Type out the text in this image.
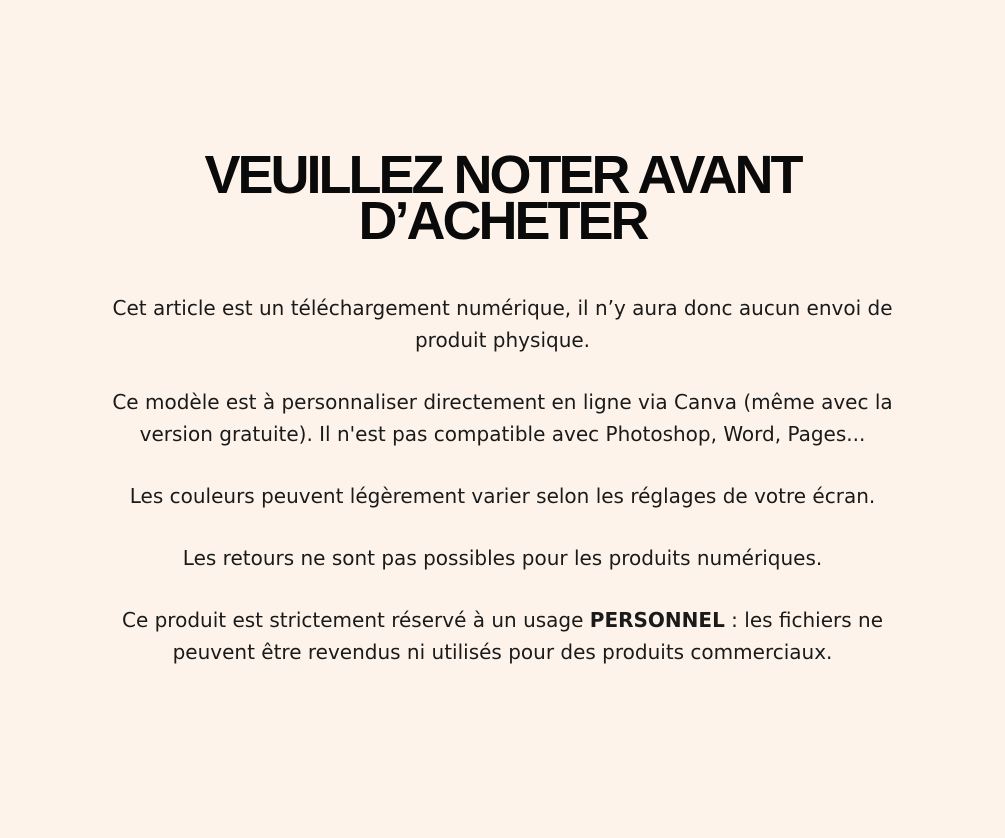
VEUILLEZ NOTER AVANT
D’ACHETER

Cet article est un téléchargement numérique, il n’y aura donc aucun envoi de
produit physique.

Ce modèle est à personnaliser directement en ligne via Canva (même avec la
version gratuite). Il n'est pas compatible avec Photoshop, Word, Pages...

Les couleurs peuvent légèrement varier selon les réglages de votre écran.

Les retours ne sont pas possibles pour les produits numériques.

Ce produit est strictement réservé à un usage PERSONNEL : les fichiers ne
peuvent être revendus ni utilisés pour des produits commerciaux.
